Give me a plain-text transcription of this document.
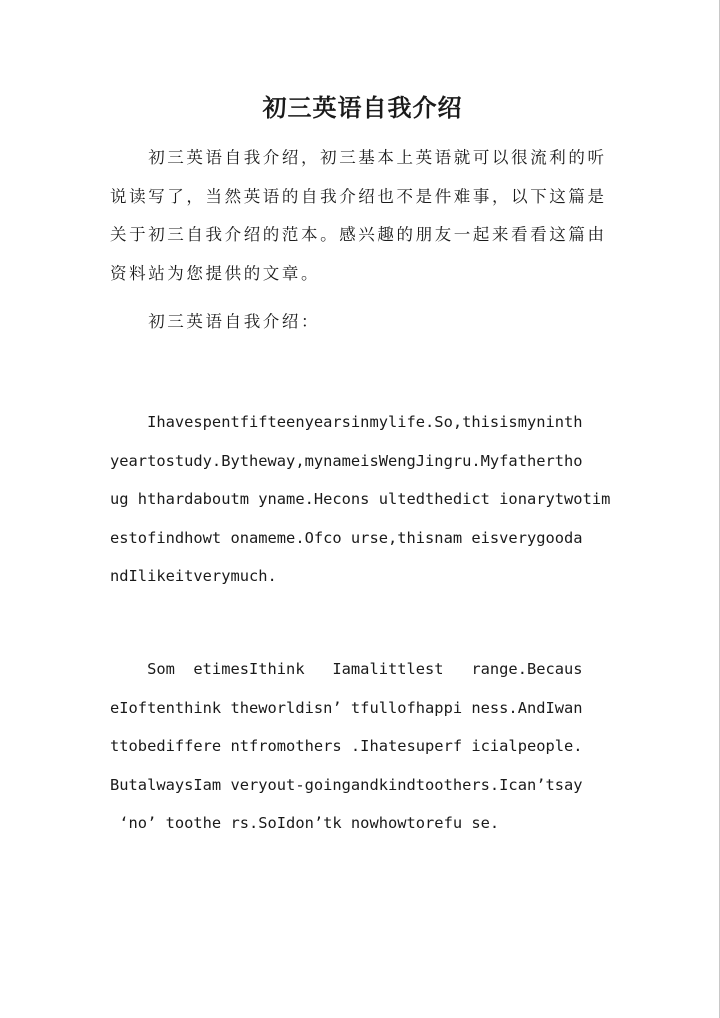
初三英语自我介绍
　　初三英语自我介绍，初三基本上英语就可以很流利的听
说读写了，当然英语的自我介绍也不是件难事，以下这篇是
关于初三自我介绍的范本。感兴趣的朋友一起来看看这篇由
资料站为您提供的文章。
　　初三英语自我介绍：
Ihavespentfifteenyearsinmylife.So,thisismyninth
yeartostudy.Bytheway,mynameisWengJingru.Myfathertho
ug hthardaboutm yname.Hecons ultedthedict ionarytwotim
estofindhowt onameme.Ofco urse,thisnam eisverygooda
ndIlikeitverymuch.
Som  etimesIthink   Iamalittlest   range.Becaus
eIoftenthink theworldisn’ tfullofhappi ness.AndIwan
ttobediffere ntfromothers .Ihatesuperf icialpeople.
ButalwaysIam veryout-goingandkindtoothers.Ican’tsay
‘no’ toothe rs.SoIdon’tk nowhowtorefu se.
